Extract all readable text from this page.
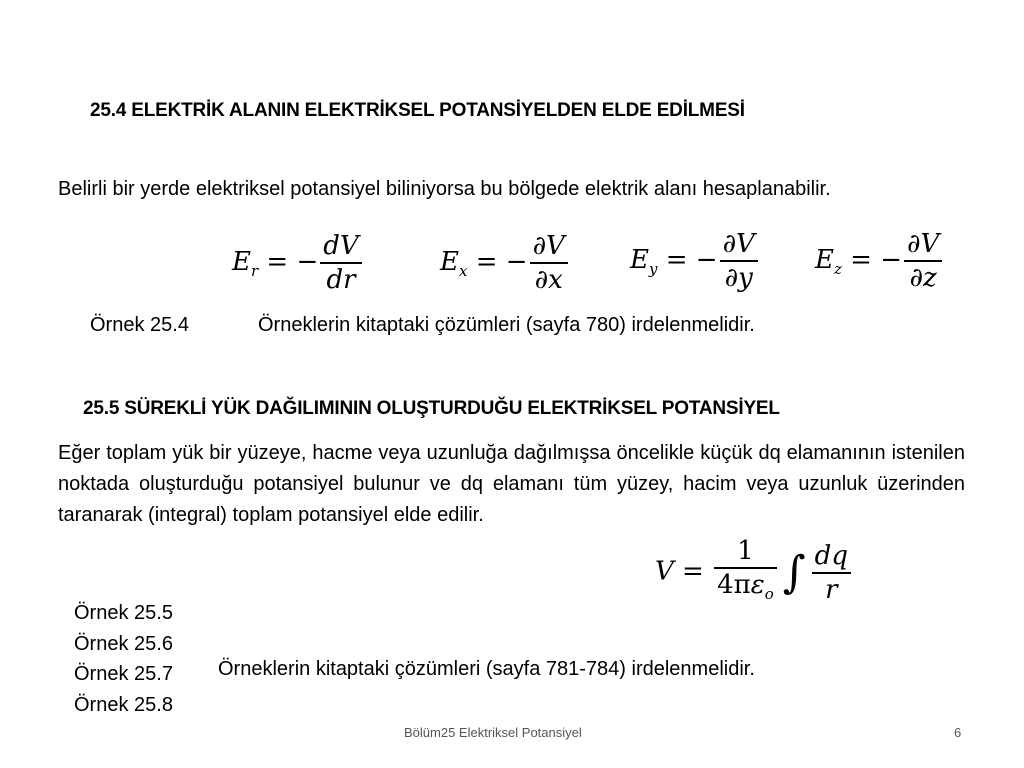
25.4 ELEKTRİK ALANIN ELEKTRİKSEL POTANSİYELDEN ELDE EDİLMESİ
Belirli bir yerde elektriksel potansiyel biliniyorsa bu bölgede elektrik alanı hesaplanabilir.
$E_r$ = − $\frac{dV}{dr}$	$E_x$ = − $\frac{\partial V}{\partial x} E_y$ = − $\frac{\partial V}{\partial y} E_z$ = − $\frac{\partial V}{\partial z}$
Örnek 25.4	Örneklerin kitaptaki çözümleri (sayfa 780) irdelenmelidir.
25.5 SÜREKLİ YÜK DAĞILIMININ OLUŞTURDUĞU ELEKTRİKSEL POTANSİYEL
Eğer toplam yük bir yüzeye, hacme veya uzunluğa dağılmışsa öncelikle küçük dq elamanının istenilen noktada oluşturduğu potansiyel bulunur ve dq elamanı tüm yüzey, hacim veya uzunluk üzerinden taranarak (integral) toplam potansiyel elde edilir.
$V = \frac{1}{4\pi\varepsilon_o}$ ∫ $\frac{dq}{r}$
Örnek 25.5
Örnek 25.6
Örnek 25.7
Örnek 25.8
Örneklerin kitaptaki çözümleri (sayfa 781-784) irdelenmelidir.
Bölüm25 Elektriksel Potansiyel	6
